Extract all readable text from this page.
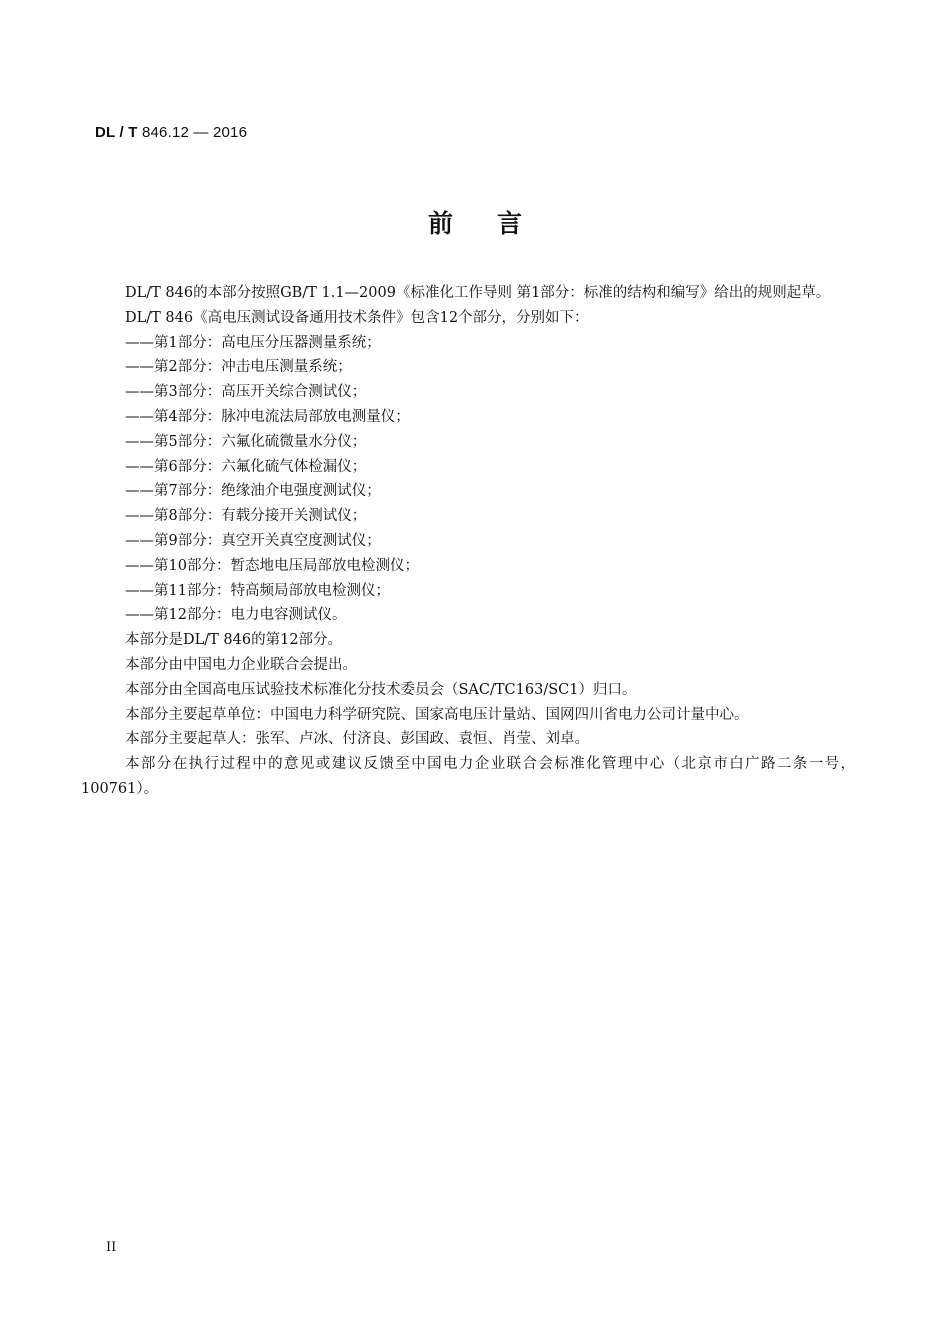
DL / T 846.12 — 2016
前言

DL/T 846的本部分按照GB/T 1.1—2009《标准化工作导则 第1部分：标准的结构和编写》给出的规则起草。

DL/T 846《高电压测试设备通用技术条件》包含12个部分，分别如下：

——第1部分：高电压分压器测量系统；

——第2部分：冲击电压测量系统；

——第3部分：高压开关综合测试仪；

——第4部分：脉冲电流法局部放电测量仪；

——第5部分：六氟化硫微量水分仪；

——第6部分：六氟化硫气体检漏仪；

——第7部分：绝缘油介电强度测试仪；

——第8部分：有载分接开关测试仪；

——第9部分：真空开关真空度测试仪；

——第10部分：暂态地电压局部放电检测仪；

——第11部分：特高频局部放电检测仪；

——第12部分：电力电容测试仪。

本部分是DL/T 846的第12部分。

本部分由中国电力企业联合会提出。

本部分由全国高电压试验技术标准化分技术委员会（SAC/TC163/SC1）归口。

本部分主要起草单位：中国电力科学研究院、国家高电压计量站、国网四川省电力公司计量中心。

本部分主要起草人：张军、卢冰、付济良、彭国政、袁恒、肖莹、刘卓。

本部分在执行过程中的意见或建议反馈至中国电力企业联合会标准化管理中心（北京市白广路二条一号，100761）。

II
